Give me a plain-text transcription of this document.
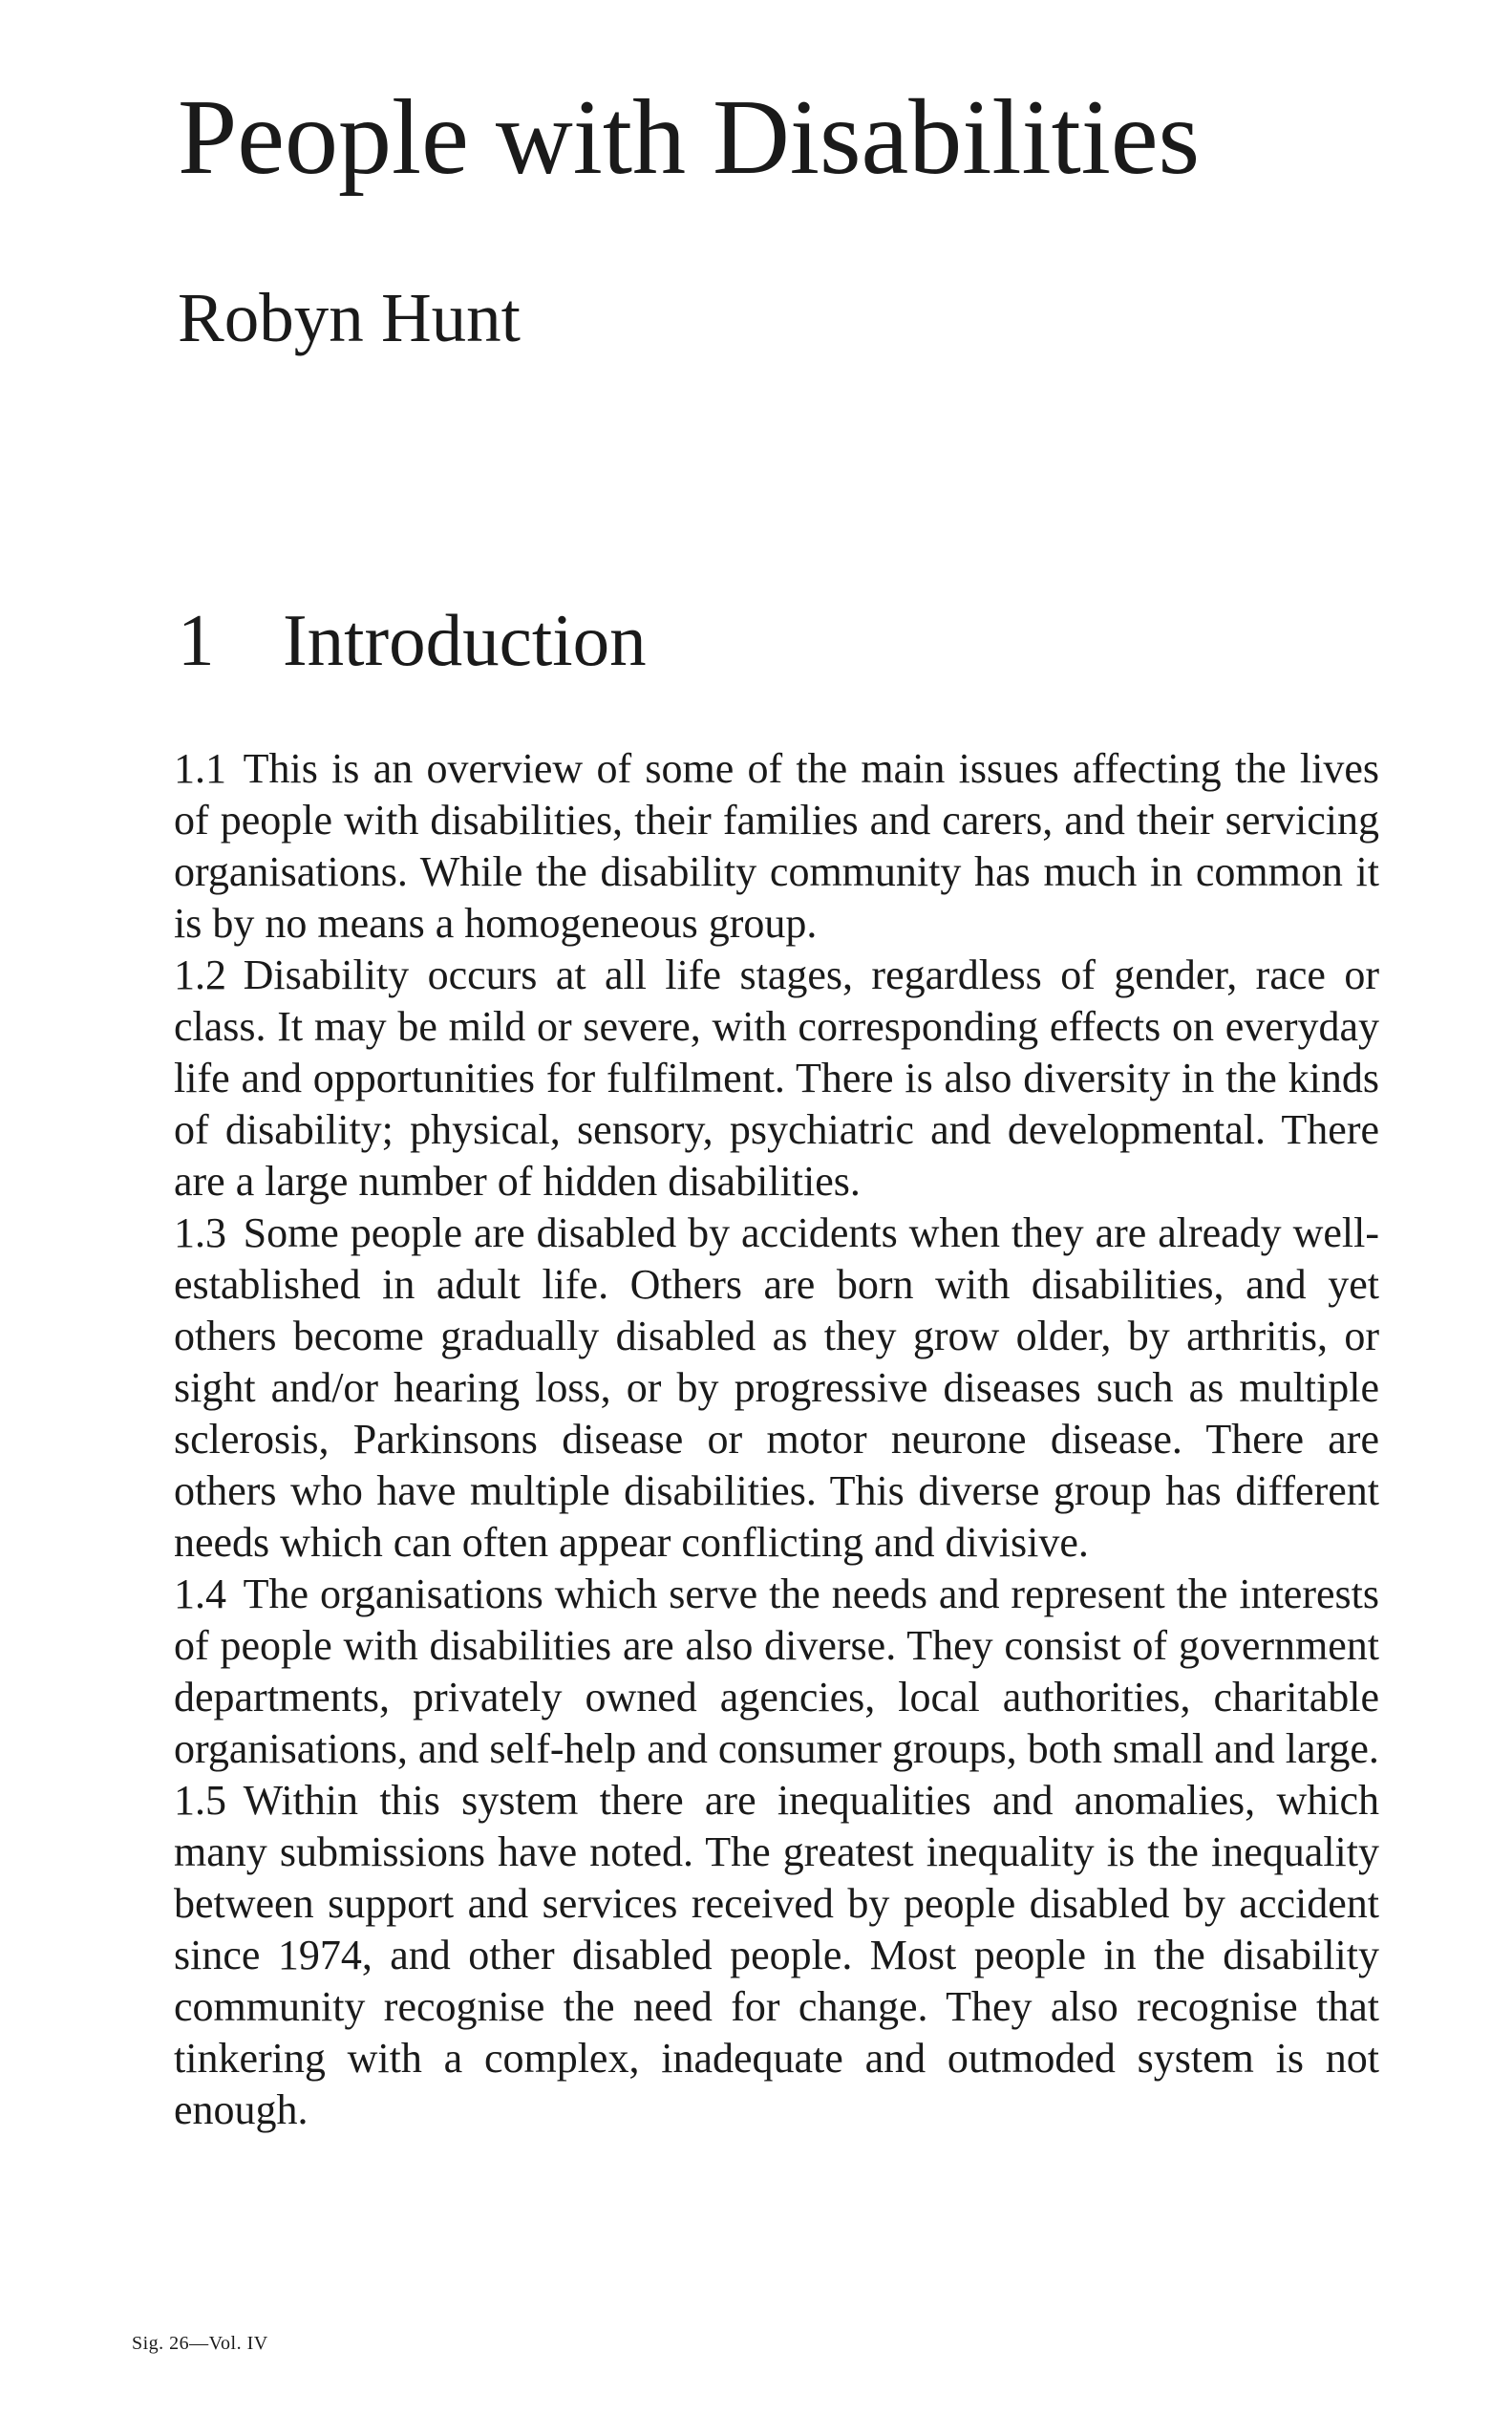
People with Disabilities
Robyn Hunt
1 Introduction

1.1 This is an overview of some of the main issues affecting the lives of people with disabilities, their families and carers, and their servicing organisations. While the disability community has much in common it is by no means a homogeneous group.

1.2 Disability occurs at all life stages, regardless of gender, race or class. It may be mild or severe, with corresponding effects on everyday life and opportunities for fulfilment. There is also diversity in the kinds of disability; physical, sensory, psychiatric and developmental. There are a large number of hidden disabilities.

1.3 Some people are disabled by accidents when they are already well-established in adult life. Others are born with disabilities, and yet others become gradually disabled as they grow older, by arthritis, or sight and/or hearing loss, or by progressive diseases such as multiple sclerosis, Parkinsons disease or motor neurone disease. There are others who have multiple disabilities. This diverse group has different needs which can often appear conflicting and divisive.

1.4 The organisations which serve the needs and represent the interests of people with disabilities are also diverse. They consist of government departments, privately owned agencies, local authorities, charitable organisations, and self-help and consumer groups, both small and large.

1.5 Within this system there are inequalities and anomalies, which many submissions have noted. The greatest inequality is the inequality between support and services received by people disabled by accident since 1974, and other disabled people. Most people in the disability community recognise the need for change. They also recognise that tinkering with a complex, inadequate and outmoded system is not enough.

Sig. 26—Vol. IV
